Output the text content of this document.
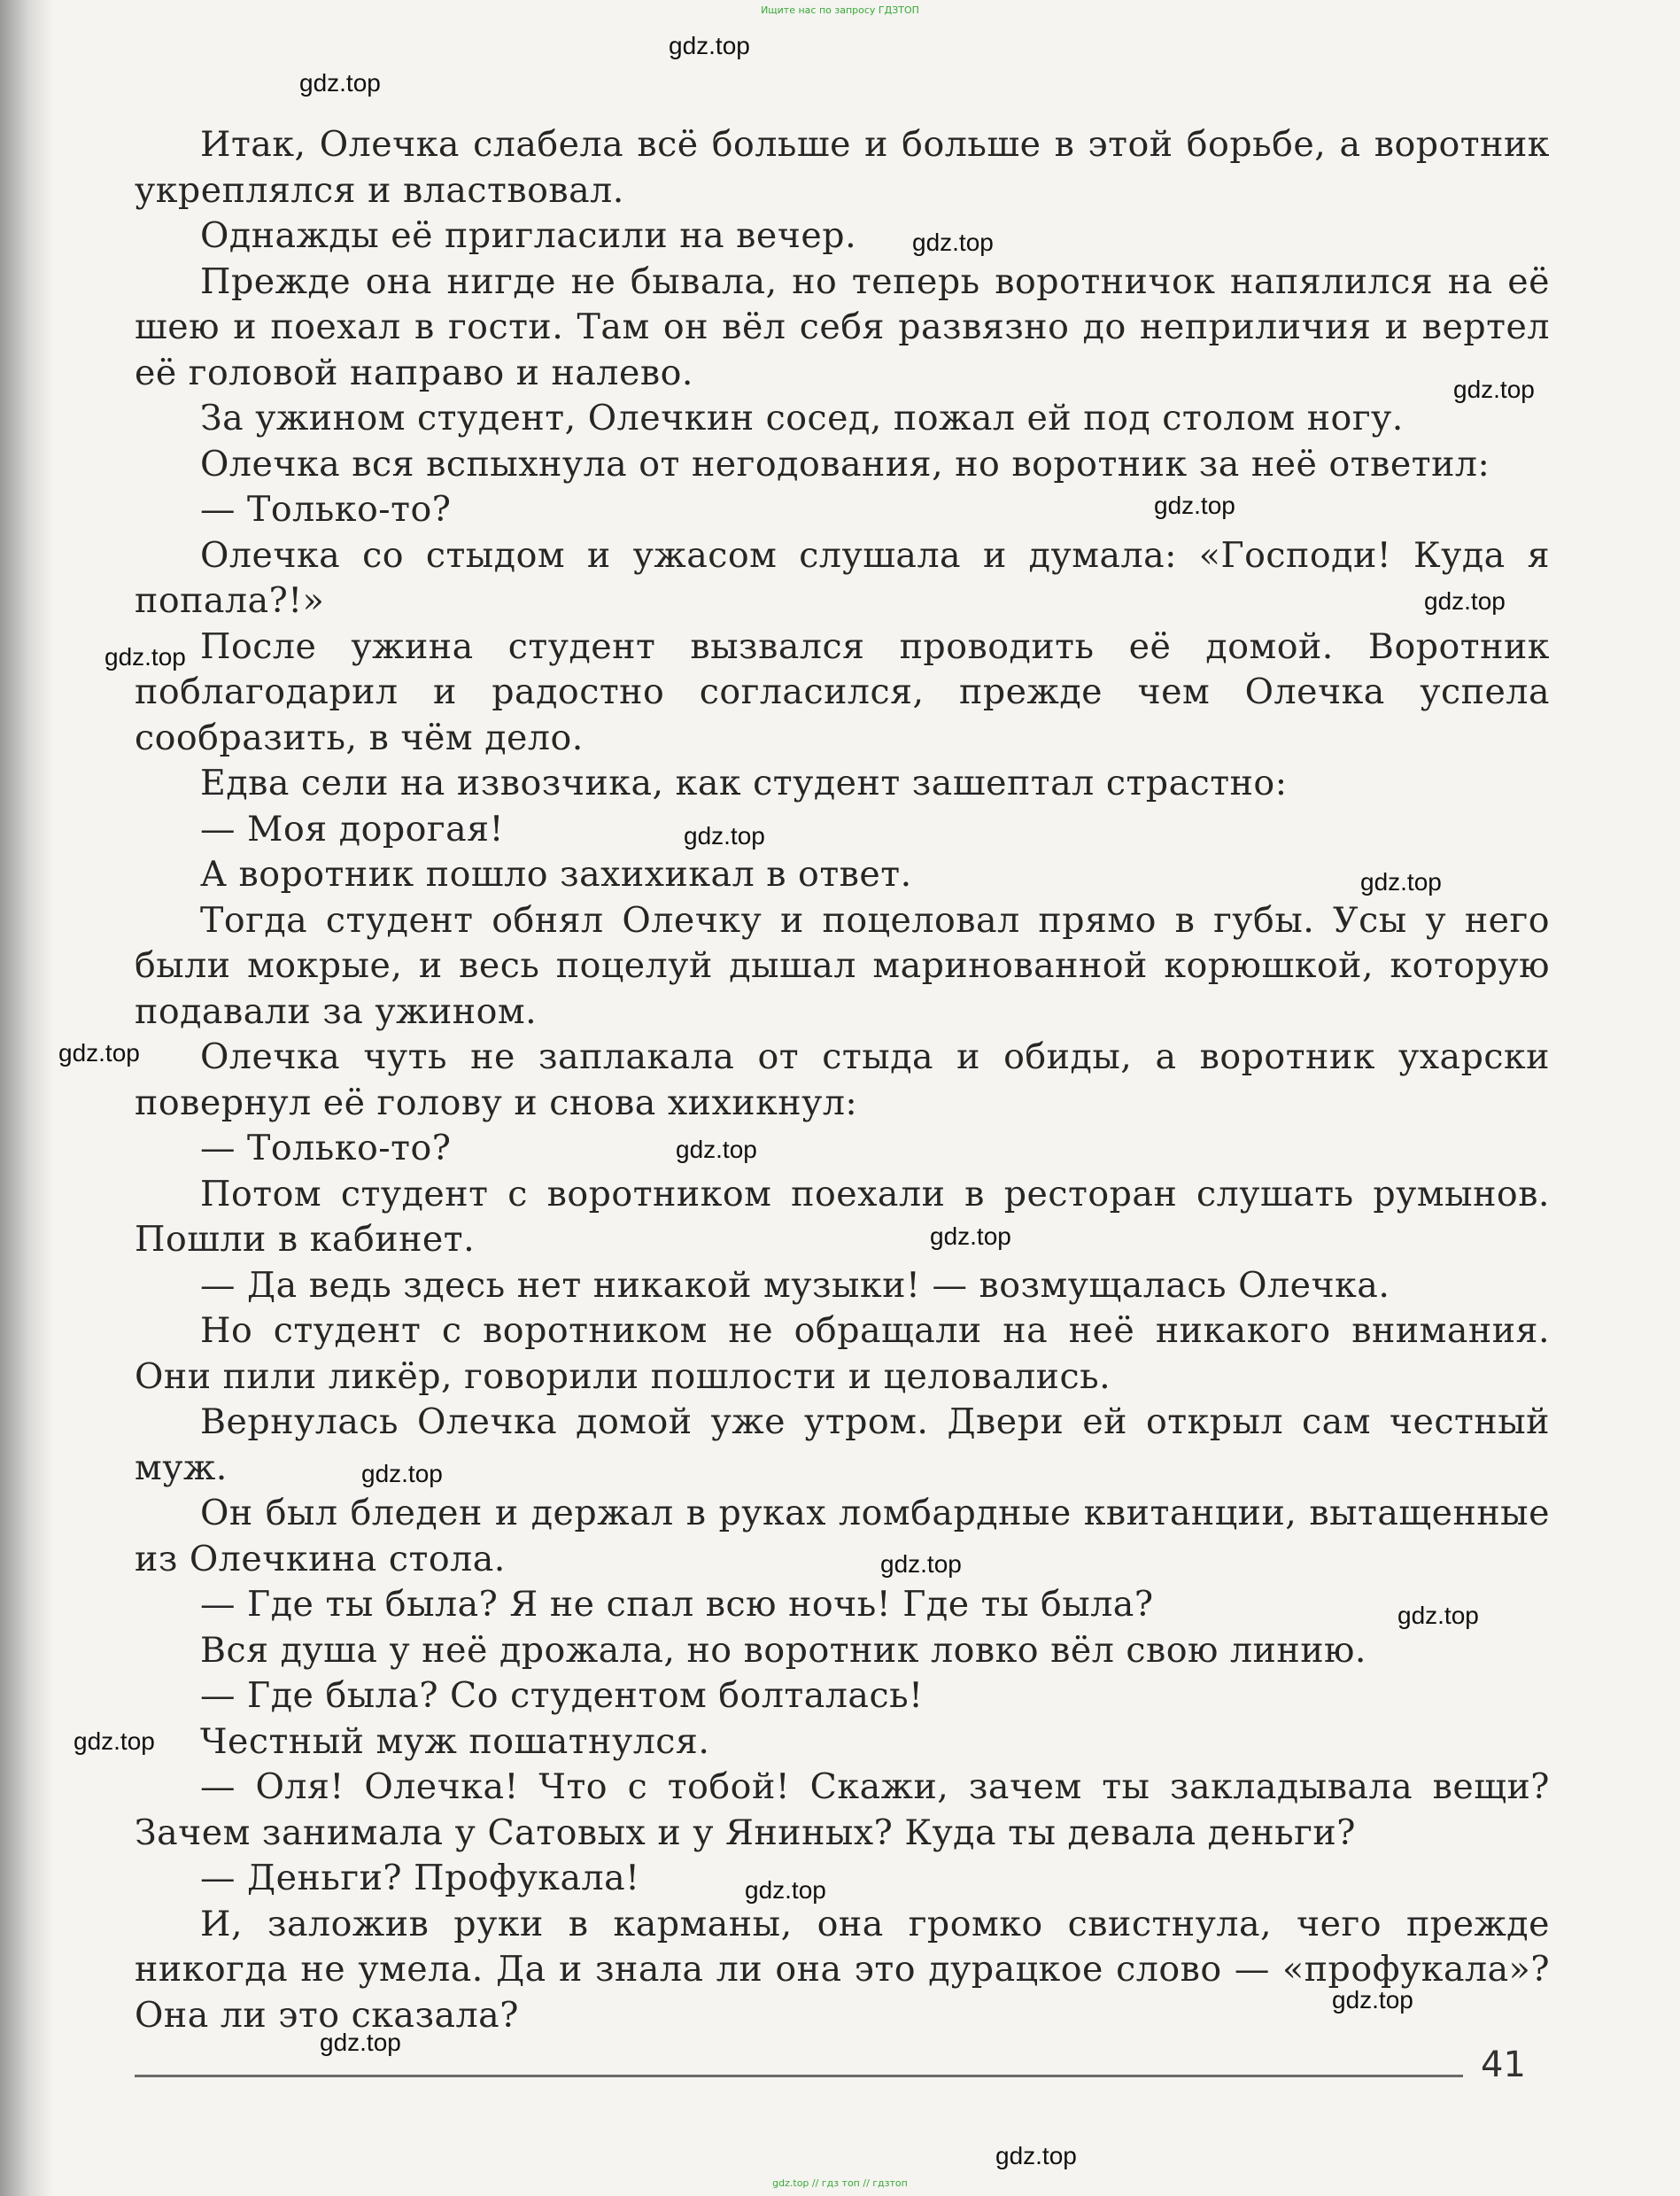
Ищите нас по запросу ГДЗТОП

Итак, Олечка слабела всё больше и больше в этой борьбе, а воротник укреплялся и властвовал.

Однажды её пригласили на вечер.

Прежде она нигде не бывала, но теперь воротничок напялился на её шею и поехал в гости. Там он вёл себя развязно до неприличия и вертел её головой направо и налево.

За ужином студент, Олечкин сосед, пожал ей под столом ногу.

Олечка вся вспыхнула от негодования, но воротник за неё ответил:

— Только-то?

Олечка со стыдом и ужасом слушала и думала: «Господи! Куда я попала?!»

После ужина студент вызвался проводить её домой. Воротник поблагодарил и радостно согласился, прежде чем Олечка успела сообразить, в чём дело.

Едва сели на извозчика, как студент зашептал страстно:

— Моя дорогая!

А воротник пошло захихикал в ответ.

Тогда студент обнял Олечку и поцеловал прямо в губы. Усы у него были мокрые, и весь поцелуй дышал маринованной корюшкой, которую подавали за ужином.

Олечка чуть не заплакала от стыда и обиды, а воротник ухарски повернул её голову и снова хихикнул:

— Только-то?

Потом студент с воротником поехали в ресторан слушать румынов. Пошли в кабинет.

— Да ведь здесь нет никакой музыки! — возмущалась Олечка.

Но студент с воротником не обращали на неё никакого внимания. Они пили ликёр, говорили пошлости и целовались.

Вернулась Олечка домой уже утром. Двери ей открыл сам честный муж.

Он был бледен и держал в руках ломбардные квитанции, вытащенные из Олечкина стола.

— Где ты была? Я не спал всю ночь! Где ты была?

Вся душа у неё дрожала, но воротник ловко вёл свою линию.

— Где была? Со студентом болталась!

Честный муж пошатнулся.

— Оля! Олечка! Что с тобой! Скажи, зачем ты закладывала вещи? Зачем занимала у Сатовых и у Яниных? Куда ты девала деньги?

— Деньги? Профукала!

И, заложив руки в карманы, она громко свистнула, чего прежде никогда не умела. Да и знала ли она это дурацкое слово — «профукала»? Она ли это сказала?

41
gdz.top
gdz.top
gdz.top
gdz.top
gdz.top
gdz.top
gdz.top
gdz.top
gdz.top
gdz.top
gdz.top
gdz.top
gdz.top
gdz.top
gdz.top
gdz.top
gdz.top
gdz.top
gdz.top
gdz.top
gdz.top // гдз топ // гдзтоп
